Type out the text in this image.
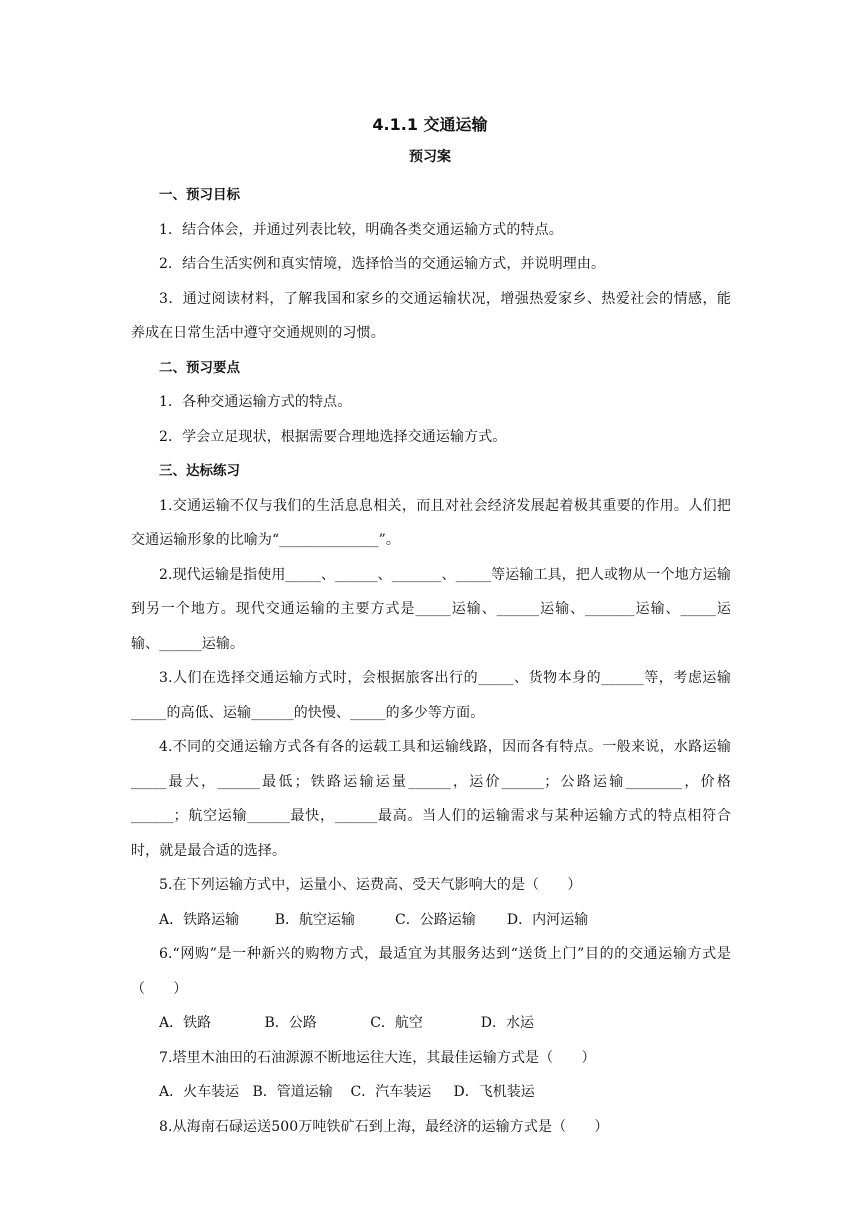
4.1.1 交通运输
预习案

一、预习目标

1．结合体会，并通过列表比较，明确各类交通运输方式的特点。

2．结合生活实例和真实情境，选择恰当的交通运输方式，并说明理由。

3．通过阅读材料，了解我国和家乡的交通运输状况，增强热爱家乡、热爱社会的情感，能养成在日常生活中遵守交通规则的习惯。

二、预习要点

1．各种交通运输方式的特点。

2．学会立足现状，根据需要合理地选择交通运输方式。

三、达标练习

1.交通运输不仅与我们的生活息息相关，而且对社会经济发展起着极其重要的作用。人们把交通运输形象的比喻为“______________”。

2.现代运输是指使用_____、______、_______、_____等运输工具，把人或物从一个地方运输到另一个地方。现代交通运输的主要方式是_____运输、______运输、_______运输、_____运输、______运输。

3.人们在选择交通运输方式时，会根据旅客出行的_____、货物本身的______等，考虑运输_____的高低、运输______的快慢、_____的多少等方面。

4.不同的交通运输方式各有各的运载工具和运输线路，因而各有特点。一般来说，水路运输_____最大，______最低；铁路运输运量______，运价______；公路运输________，价格______；航空运输______最快，______最高。当人们的运输需求与某种运输方式的特点相符合时，就是最合适的选择。

5.在下列运输方式中，运量小、运费高、受天气影响大的是（　　）

A．铁路运输        B．航空运输         C．公路运输       D．内河运输

6.“网购”是一种新兴的购物方式，最适宜为其服务达到“送货上门”目的的交通运输方式是（　　）

A．铁路            B．公路            C．航空             D．水运

7.塔里木油田的石油源源不断地运往大连，其最佳运输方式是（　　）

A．火车装运   B．管道运输    C．汽车装运     D．飞机装运

8.从海南石碌运送500万吨铁矿石到上海，最经济的运输方式是（　　）
